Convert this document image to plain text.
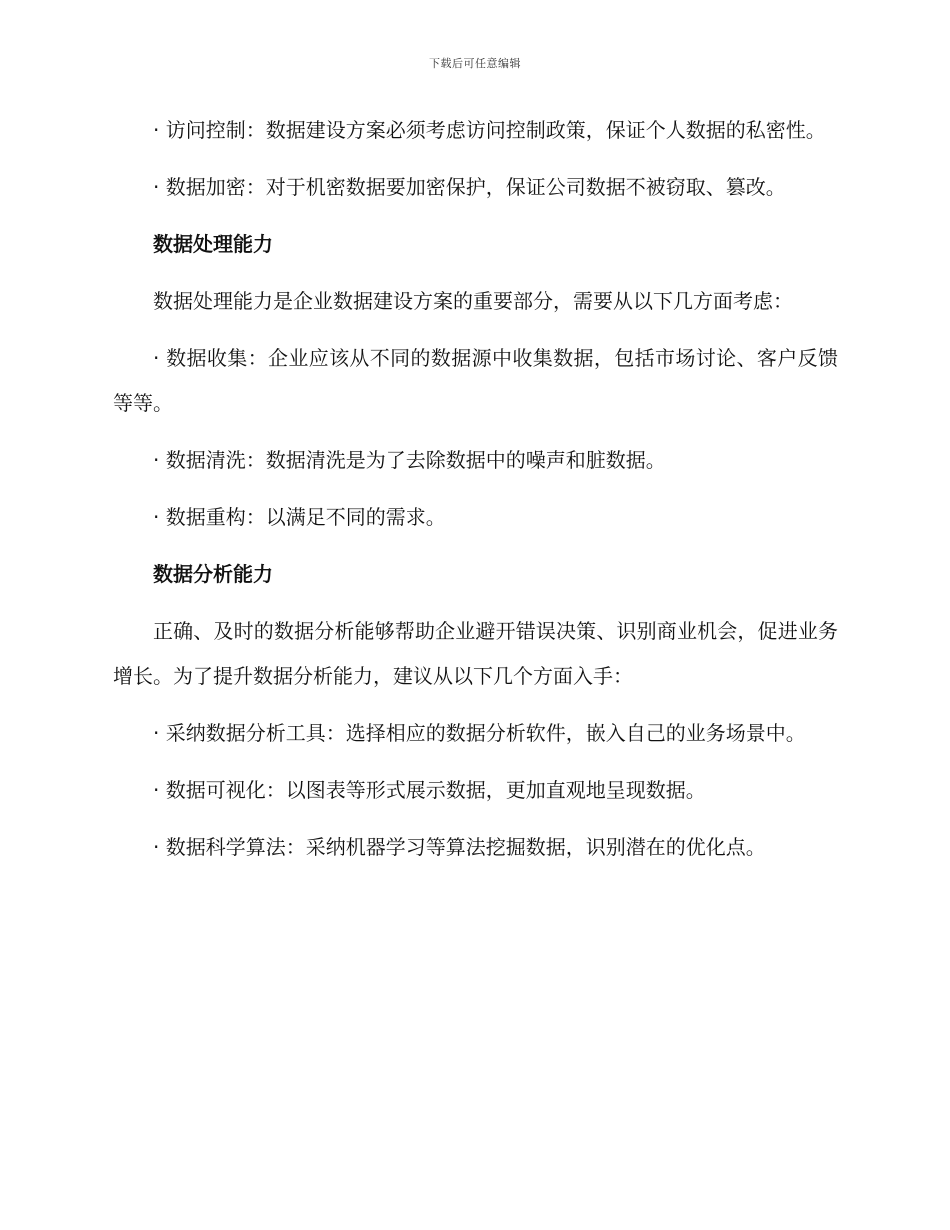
下载后可任意编辑

· 访问控制：数据建设方案必须考虑访问控制政策，保证个人数据的私密性。

· 数据加密：对于机密数据要加密保护，保证公司数据不被窃取、篡改。

数据处理能力

数据处理能力是企业数据建设方案的重要部分，需要从以下几方面考虑：

· 数据收集：企业应该从不同的数据源中收集数据，包括市场讨论、客户反馈等等。

· 数据清洗：数据清洗是为了去除数据中的噪声和脏数据。

· 数据重构：以满足不同的需求。

数据分析能力

正确、及时的数据分析能够帮助企业避开错误决策、识别商业机会，促进业务增长。为了提升数据分析能力，建议从以下几个方面入手：

· 采纳数据分析工具：选择相应的数据分析软件，嵌入自己的业务场景中。

· 数据可视化：以图表等形式展示数据，更加直观地呈现数据。

· 数据科学算法：采纳机器学习等算法挖掘数据，识别潜在的优化点。
